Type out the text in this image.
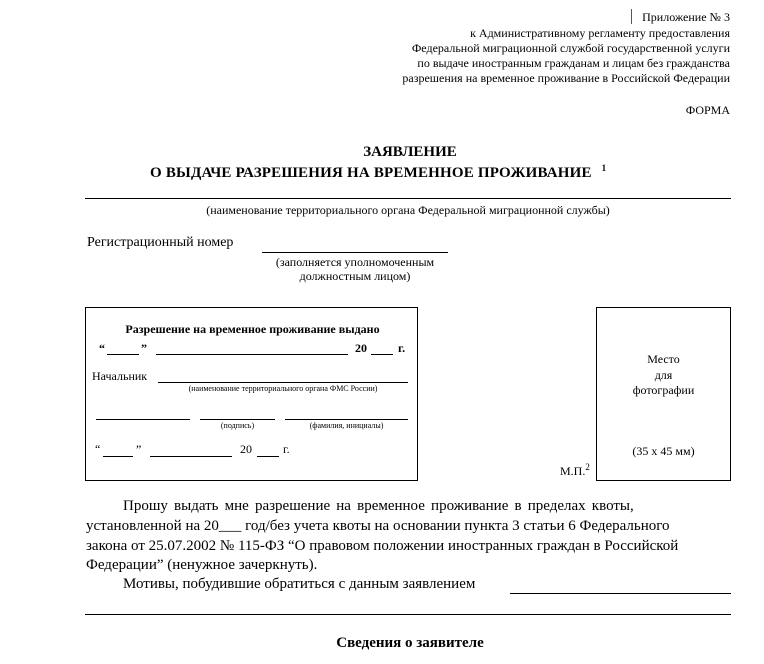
Приложение № 3
к Административному регламенту предоставления
Федеральной миграционной службой государственной услуги
по выдаче иностранным гражданам и лицам без гражданства
разрешения на временное проживание в Российской Федерации
ФОРМА
ЗАЯВЛЕНИЕ
О ВЫДАЧЕ РАЗРЕШЕНИЯ НА ВРЕМЕННОЕ ПРОЖИВАНИЕ $^1$
(наименование территориального органа Федеральной миграционной службы)
Регистрационный номер
(заполняется уполномоченным
должностным лицом)
Разрешение на временное проживание выдано
“	”	20	г.
Начальник
(наименование территориального органа ФМС России)
(подпись)	(фамилия, инициалы)
“	”	20	г.
М.П.$^2$
Место
для
фотографии
(35 х 45 мм)
Прошу выдать мне разрешение на временное проживание в пределах квоты,
установленной на 20___ год/без учета квоты на основании пункта 3 статьи 6 Федерального
закона от 25.07.2002 № 115-ФЗ “О правовом положении иностранных граждан в Российской
Федерации” (ненужное зачеркнуть).
Мотивы, побудившие обратиться с данным заявлением
Сведения о заявителе
